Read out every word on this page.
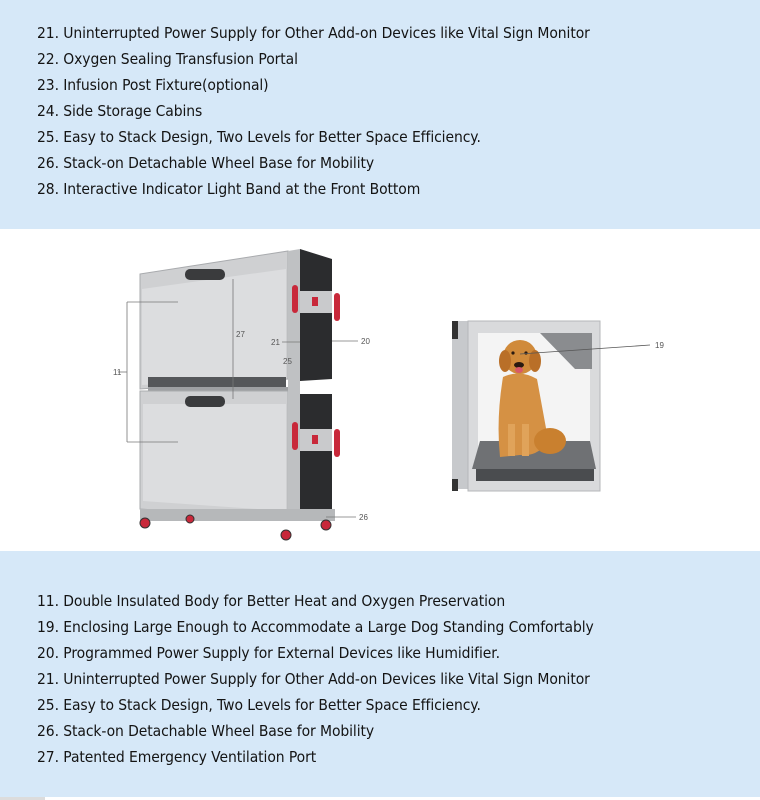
21. Uninterrupted Power Supply for Other Add-on Devices like Vital Sign Monitor
22. Oxygen Sealing Transfusion Portal
23. Infusion Post Fixture(optional)
24. Side Storage Cabins
25. Easy to Stack Design, Two Levels for Better Space Efficiency.
26. Stack-on Detachable Wheel Base for Mobility
28. Interactive Indicator Light Band at the Front Bottom
11
27
21
25
20
26
19
11. Double Insulated Body for Better Heat and Oxygen Preservation
19. Enclosing Large Enough to Accommodate a Large Dog Standing Comfortably
20. Programmed Power Supply for External Devices like Humidifier.
21. Uninterrupted Power Supply for Other Add-on Devices like Vital Sign Monitor
25. Easy to Stack Design, Two Levels for Better Space Efficiency.
26. Stack-on Detachable Wheel Base for Mobility
27. Patented Emergency Ventilation Port
